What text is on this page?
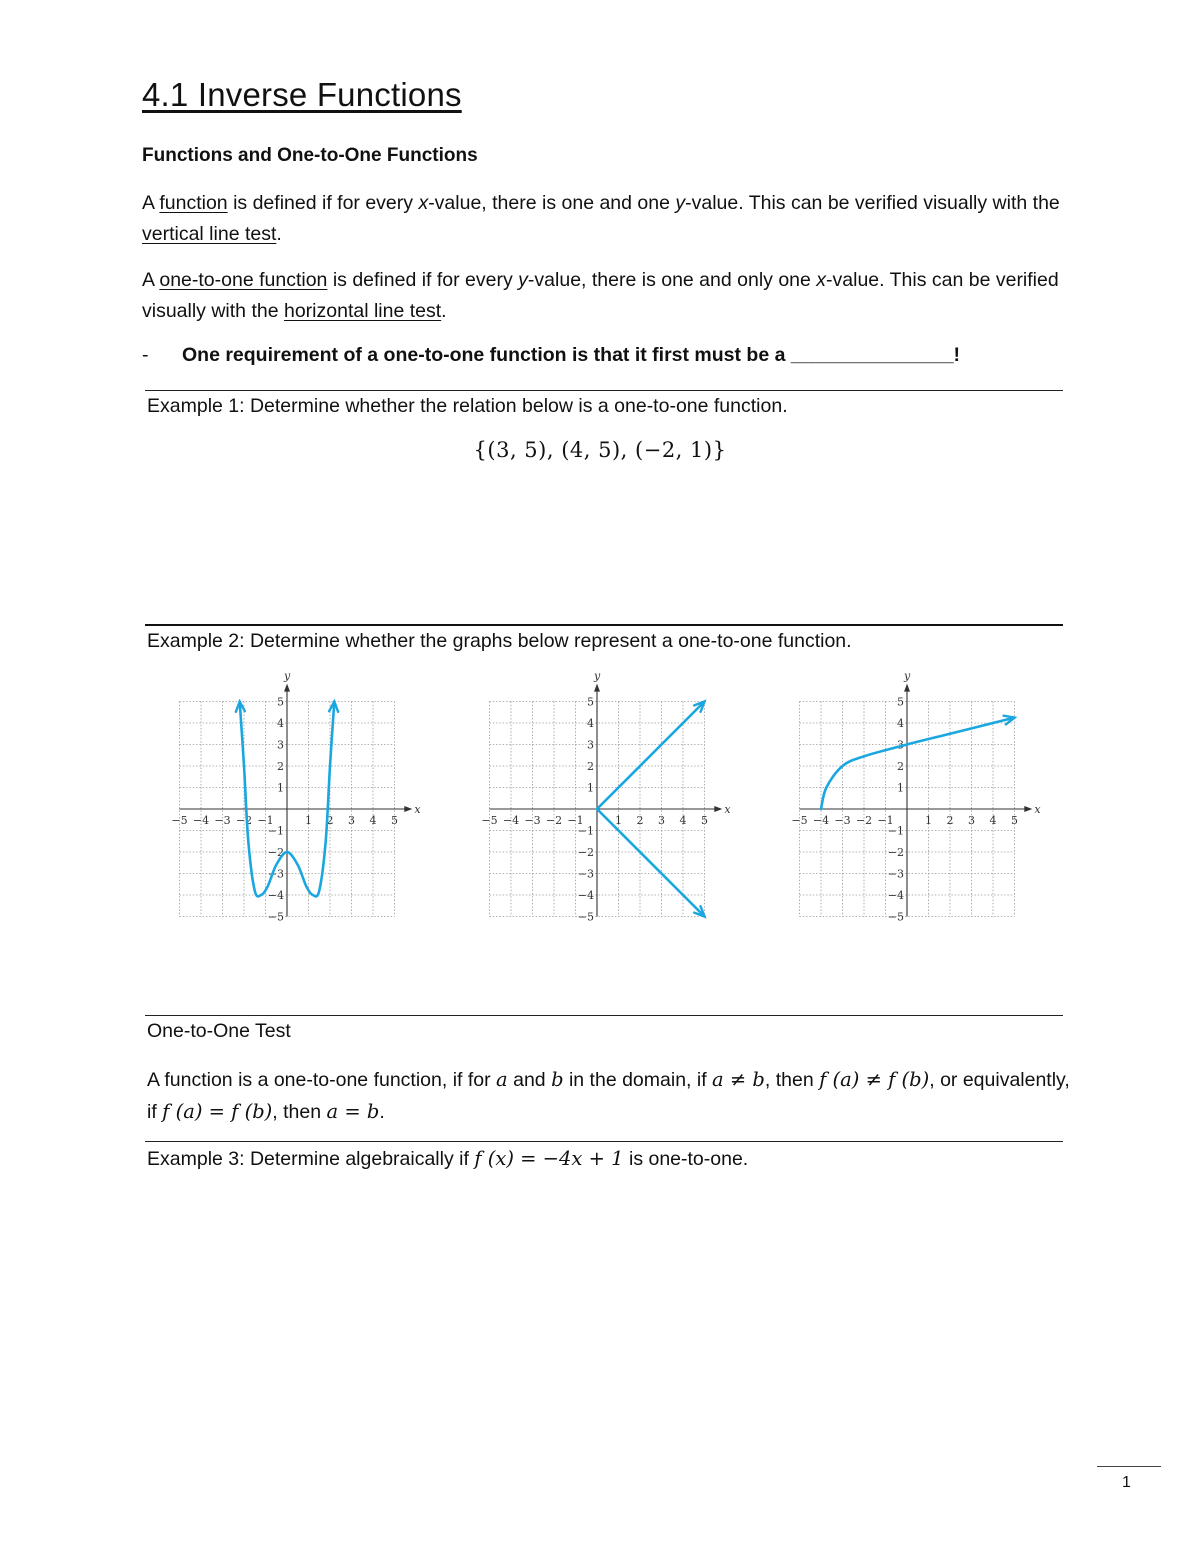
4.1 Inverse Functions
Functions and One-to-One Functions
A function is defined if for every x-value, there is one and one y-value. This can be verified visually with the vertical line test.
A one-to-one function is defined if for every y-value, there is one and only one x-value. This can be verified visually with the horizontal line test.
- One requirement of a one-to-one function is that it first must be a _______________!
Example 1: Determine whether the relation below is a one-to-one function.
{(3, 5), (4, 5), (−2, 1)}
Example 2: Determine whether the graphs below represent a one-to-one function.
x
y
−5 −4 −3 −2 −1	1 2 3 4 5
5
4
3
2
1
−1
−2
−3
−4
−5
x
y
−5 −4 −3 −2 −1	1 2 3 4 5
5
4
3
2
1
−1
−2
−3
−4
−5
x
y
−5 −4 −3 −2 −1	1 2 3 4 5
5
4
3
2
1
−1
−2
−3
−4
−5
One-to-One Test
A function is a one-to-one function, if for a and b in the domain, if a ≠ b, then f (a) ≠ f (b), or equivalently, if f (a) = f (b), then a = b.
Example 3: Determine algebraically if f (x) = −4x + 1 is one-to-one.
1
